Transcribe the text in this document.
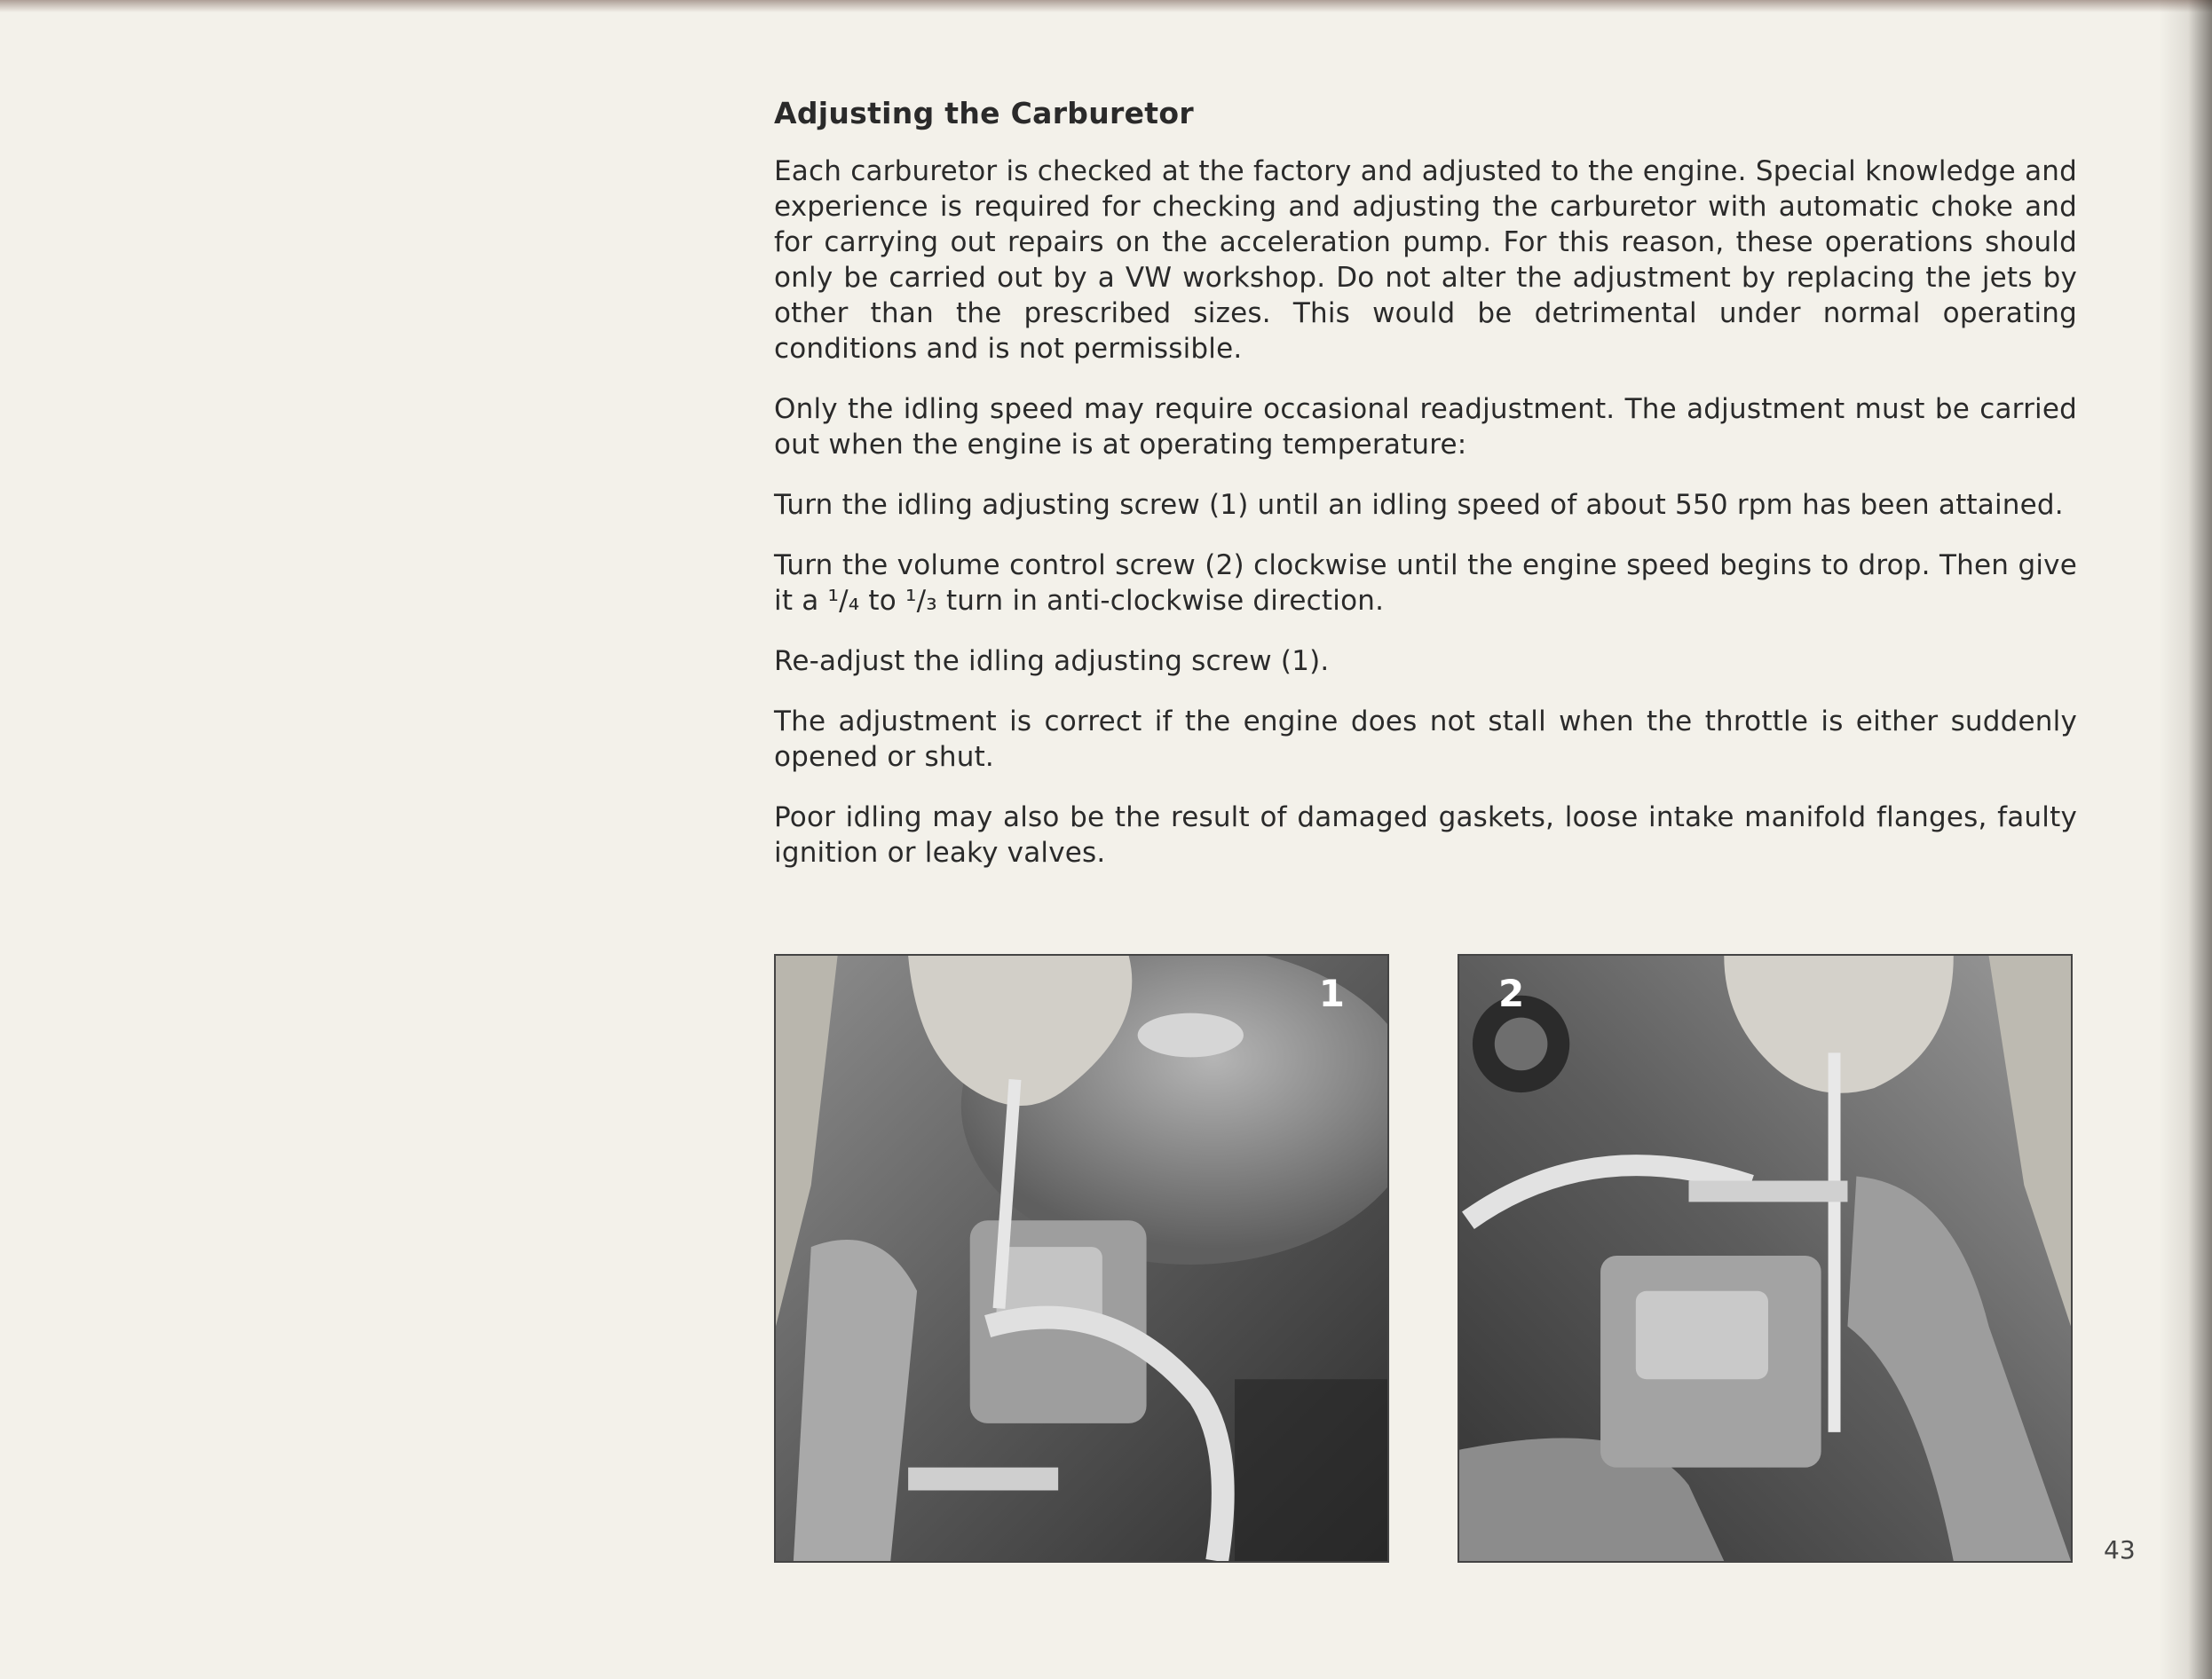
Adjusting the Carburetor

Each carburetor is checked at the factory and adjusted to the engine. Special knowledge and experience is required for checking and adjusting the carburetor with automatic choke and for carrying out repairs on the acceleration pump. For this reason, these operations should only be carried out by a VW workshop. Do not alter the adjustment by replacing the jets by other than the prescribed sizes. This would be detrimental under normal operating conditions and is not permissible.

Only the idling speed may require occasional readjustment. The adjustment must be carried out when the engine is at operating temperature:

Turn the idling adjusting screw (1) until an idling speed of about 550 rpm has been attained.

Turn the volume control screw (2) clockwise until the engine speed begins to drop. Then give it a ¹/₄ to ¹/₃ turn in anti-clockwise direction.

Re-adjust the idling adjusting screw (1).

The adjustment is correct if the engine does not stall when the throttle is either suddenly opened or shut.

Poor idling may also be the result of damaged gaskets, loose intake manifold flanges, faulty ignition or leaky valves.

1	2
43
